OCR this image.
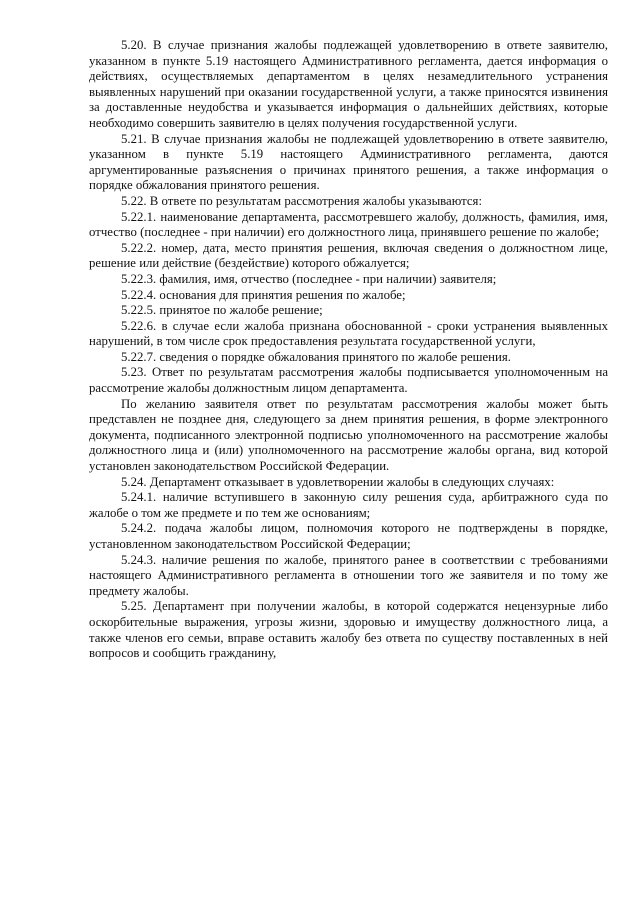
5.20. В случае признания жалобы подлежащей удовлетворению в ответе заявителю, указанном в пункте 5.19 настоящего Административного регламента, дается информация о действиях, осуществляемых департаментом в целях незамедлительного устранения выявленных нарушений при оказании государственной услуги, а также приносятся извинения за доставленные неудобства и указывается информация о дальнейших действиях, которые необходимо совершить заявителю в целях получения государственной услуги.

5.21. В случае признания жалобы не подлежащей удовлетворению в ответе заявителю, указанном в пункте 5.19 настоящего Административного регламента, даются аргументированные разъяснения о причинах принятого решения, а также информация о порядке обжалования принятого решения.

5.22. В ответе по результатам рассмотрения жалобы указываются:

5.22.1. наименование департамента, рассмотревшего жалобу, должность, фамилия, имя, отчество (последнее - при наличии) его должностного лица, принявшего решение по жалобе;

5.22.2. номер, дата, место принятия решения, включая сведения о должностном лице, решение или действие (бездействие) которого обжалуется;

5.22.3. фамилия, имя, отчество (последнее - при наличии) заявителя;

5.22.4. основания для принятия решения по жалобе;

5.22.5. принятое по жалобе решение;

5.22.6. в случае если жалоба признана обоснованной - сроки устранения выявленных нарушений, в том числе срок предоставления результата государственной услуги,

5.22.7. сведения о порядке обжалования принятого по жалобе решения.

5.23. Ответ по результатам рассмотрения жалобы подписывается уполномоченным на рассмотрение жалобы должностным лицом департамента.

По желанию заявителя ответ по результатам рассмотрения жалобы может быть представлен не позднее дня, следующего за днем принятия решения, в форме электронного документа, подписанного электронной подписью уполномоченного на рассмотрение жалобы должностного лица и (или) уполномоченного на рассмотрение жалобы органа, вид которой установлен законодательством Российской Федерации.

5.24. Департамент отказывает в удовлетворении жалобы в следующих случаях:

5.24.1. наличие вступившего в законную силу решения суда, арбитражного суда по жалобе о том же предмете и по тем же основаниям;

5.24.2. подача жалобы лицом, полномочия которого не подтверждены в порядке, установленном законодательством Российской Федерации;

5.24.3. наличие решения по жалобе, принятого ранее в соответствии с требованиями настоящего Административного регламента в отношении того же заявителя и по тому же предмету жалобы.

5.25. Департамент при получении жалобы, в которой содержатся нецензурные либо оскорбительные выражения, угрозы жизни, здоровью и имуществу должностного лица, а также членов его семьи, вправе оставить жалобу без ответа по существу поставленных в ней вопросов и сообщить гражданину,
